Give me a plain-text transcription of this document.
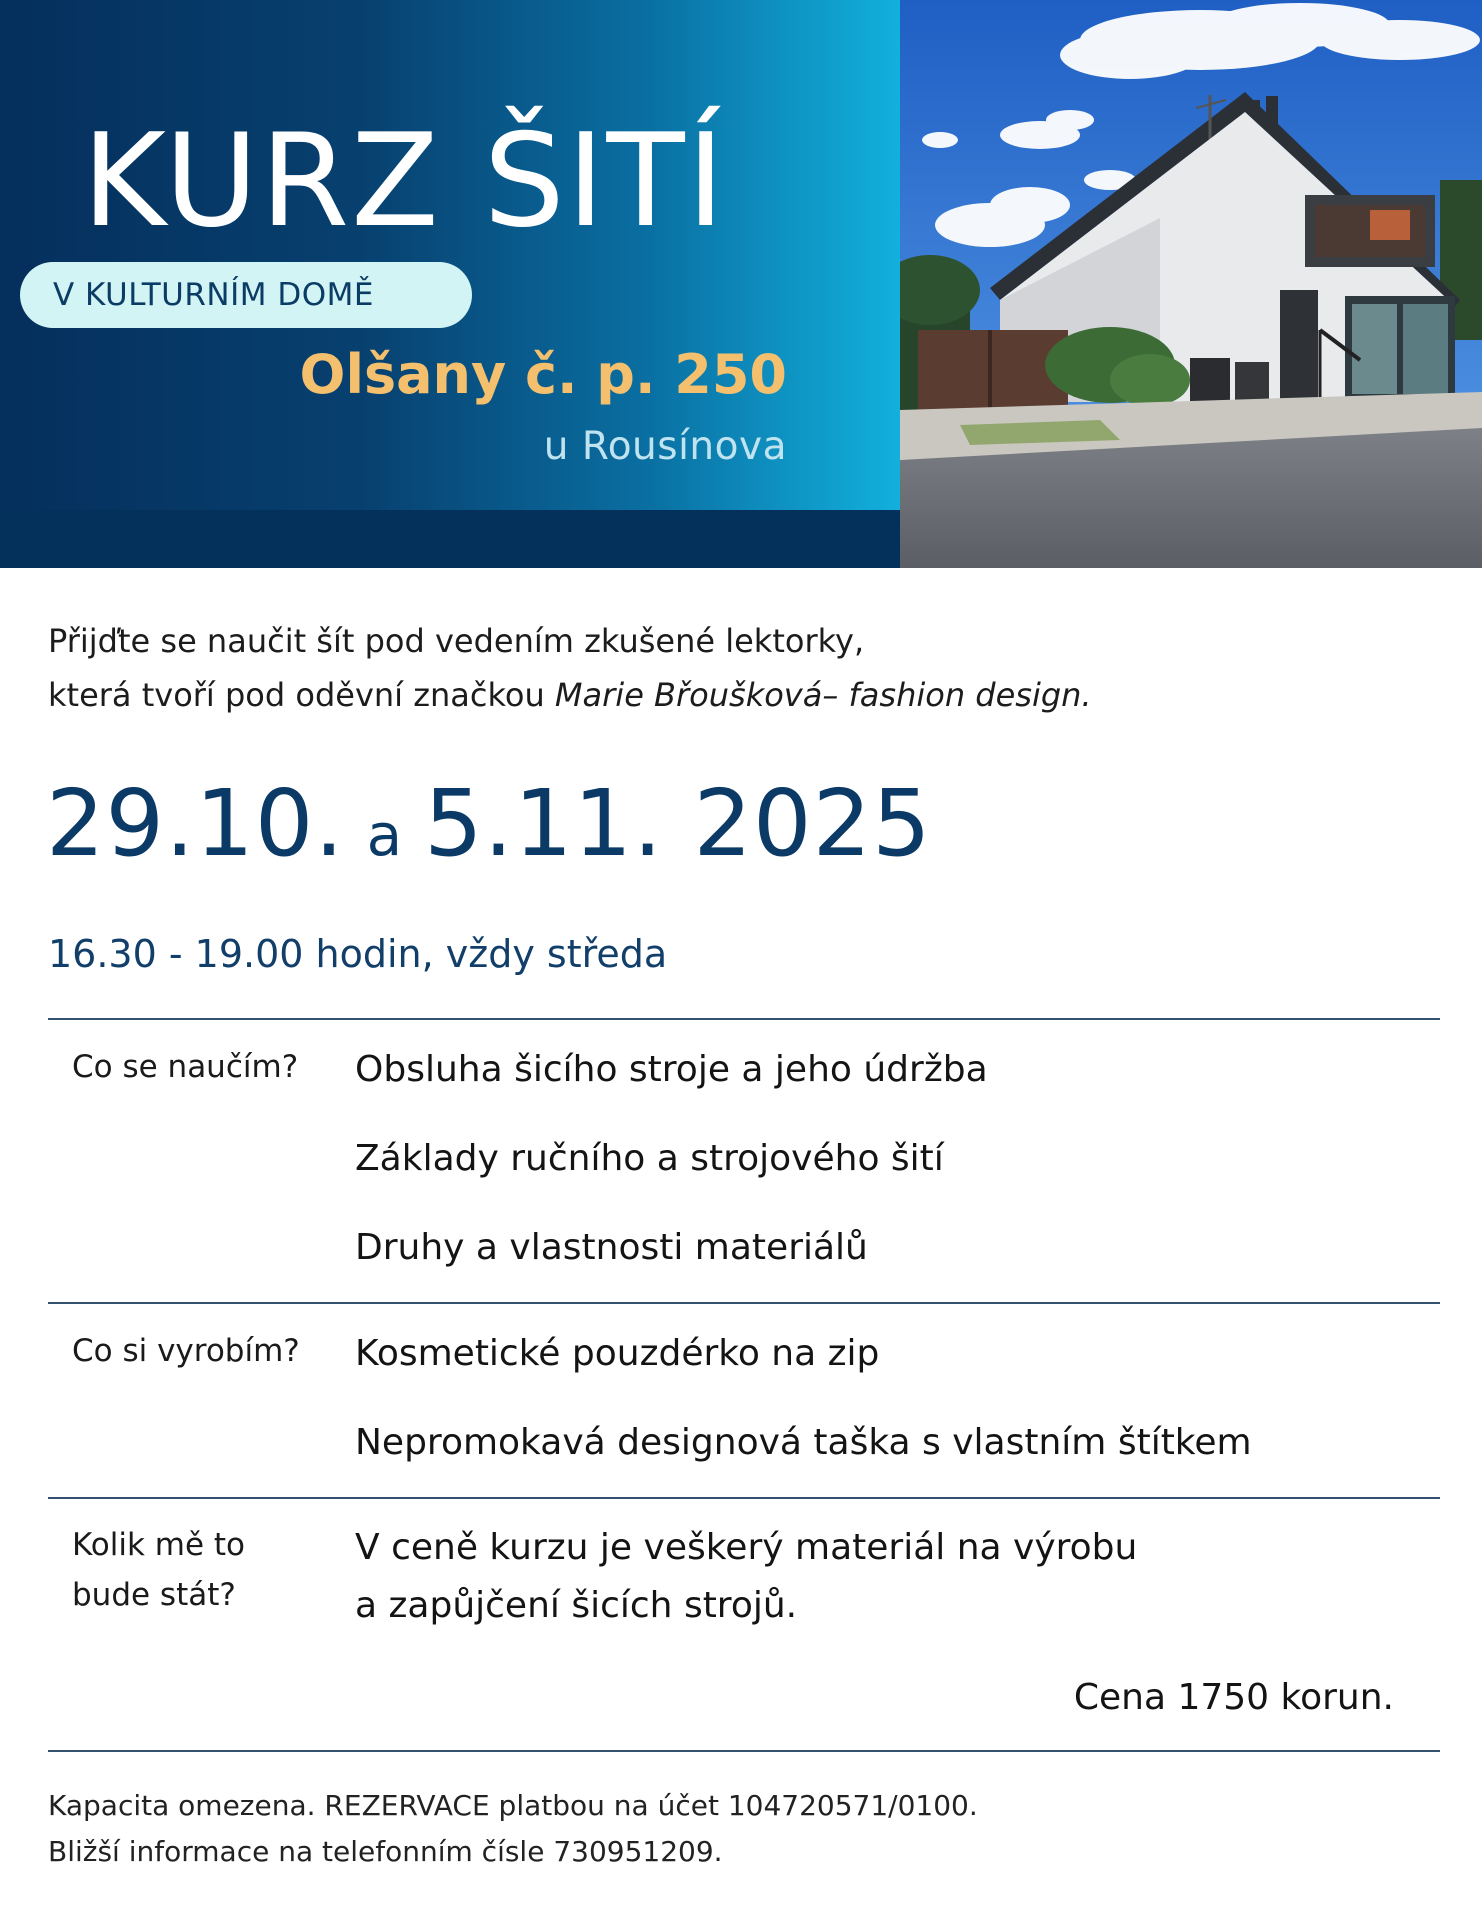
KURZ ŠITÍ
V KULTURNÍM DOMĚ
Olšany č. p. 250
u Rousínova

Přijďte se naučit šít pod vedením zkušené lektorky,

která tvoří pod oděvní značkou Marie Břoušková– fashion design.

29.10. a 5.11. 2025
16.30 - 19.00 hodin, vždy středa
Co se naučím? Obsluha šicího stroje a jeho údržba
Základy ručního a strojového šití
Druhy a vlastnosti materiálů
Co si vyrobím? Kosmetické pouzdérko na zip
Nepromokavá designová taška s vlastním štítkem
Kolik mě to
bude stát?
V ceně kurzu je veškerý materiál na výrobu
a zapůjčení šicích strojů.
Cena 1750 korun.

Kapacita omezena. REZERVACE platbou na účet 104720571/0100.

Bližší informace na telefonním čísle 730951209.
